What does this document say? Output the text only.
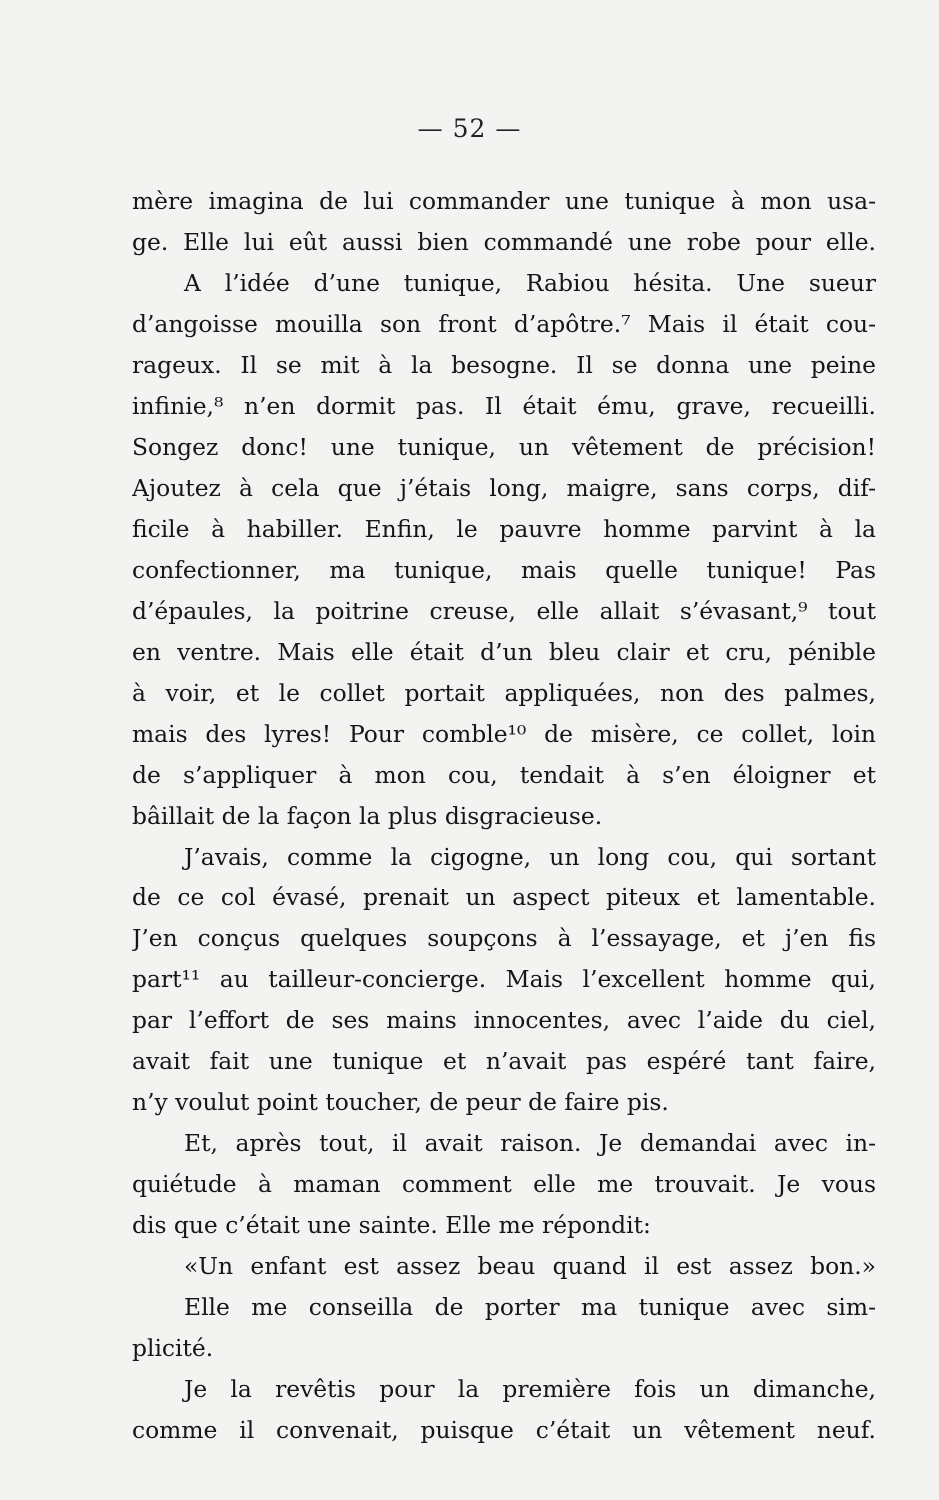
— 52 —
mère imagina de lui commander une tunique à mon usa-
ge. Elle lui eût aussi bien commandé une robe pour elle.
A l’idée d’une tunique, Rabiou hésita. Une sueur
d’angoisse mouilla son front d’apôtre.⁷ Mais il était cou-
rageux. Il se mit à la besogne. Il se donna une peine
infinie,⁸ n’en dormit pas. Il était ému, grave, recueilli.
Songez donc! une tunique, un vêtement de précision!
Ajoutez à cela que j’étais long, maigre, sans corps, dif-
ficile à habiller. Enfin, le pauvre homme parvint à la
confectionner, ma tunique, mais quelle tunique! Pas
d’épaules, la poitrine creuse, elle allait s’évasant,⁹ tout
en ventre. Mais elle était d’un bleu clair et cru, pénible
à voir, et le collet portait appliquées, non des palmes,
mais des lyres! Pour comble¹⁰ de misère, ce collet, loin
de s’appliquer à mon cou, tendait à s’en éloigner et
bâillait de la façon la plus disgracieuse.
J’avais, comme la cigogne, un long cou, qui sortant
de ce col évasé, prenait un aspect piteux et lamentable.
J’en conçus quelques soupçons à l’essayage, et j’en fis
part¹¹ au tailleur-concierge. Mais l’excellent homme qui,
par l’effort de ses mains innocentes, avec l’aide du ciel,
avait fait une tunique et n’avait pas espéré tant faire,
n’y voulut point toucher, de peur de faire pis.
Et, après tout, il avait raison. Je demandai avec in-
quiétude à maman comment elle me trouvait. Je vous
dis que c’était une sainte. Elle me répondit:
«Un enfant est assez beau quand il est assez bon.»
Elle me conseilla de porter ma tunique avec sim-
plicité.
Je la revêtis pour la première fois un dimanche,
comme il convenait, puisque c’était un vêtement neuf.
